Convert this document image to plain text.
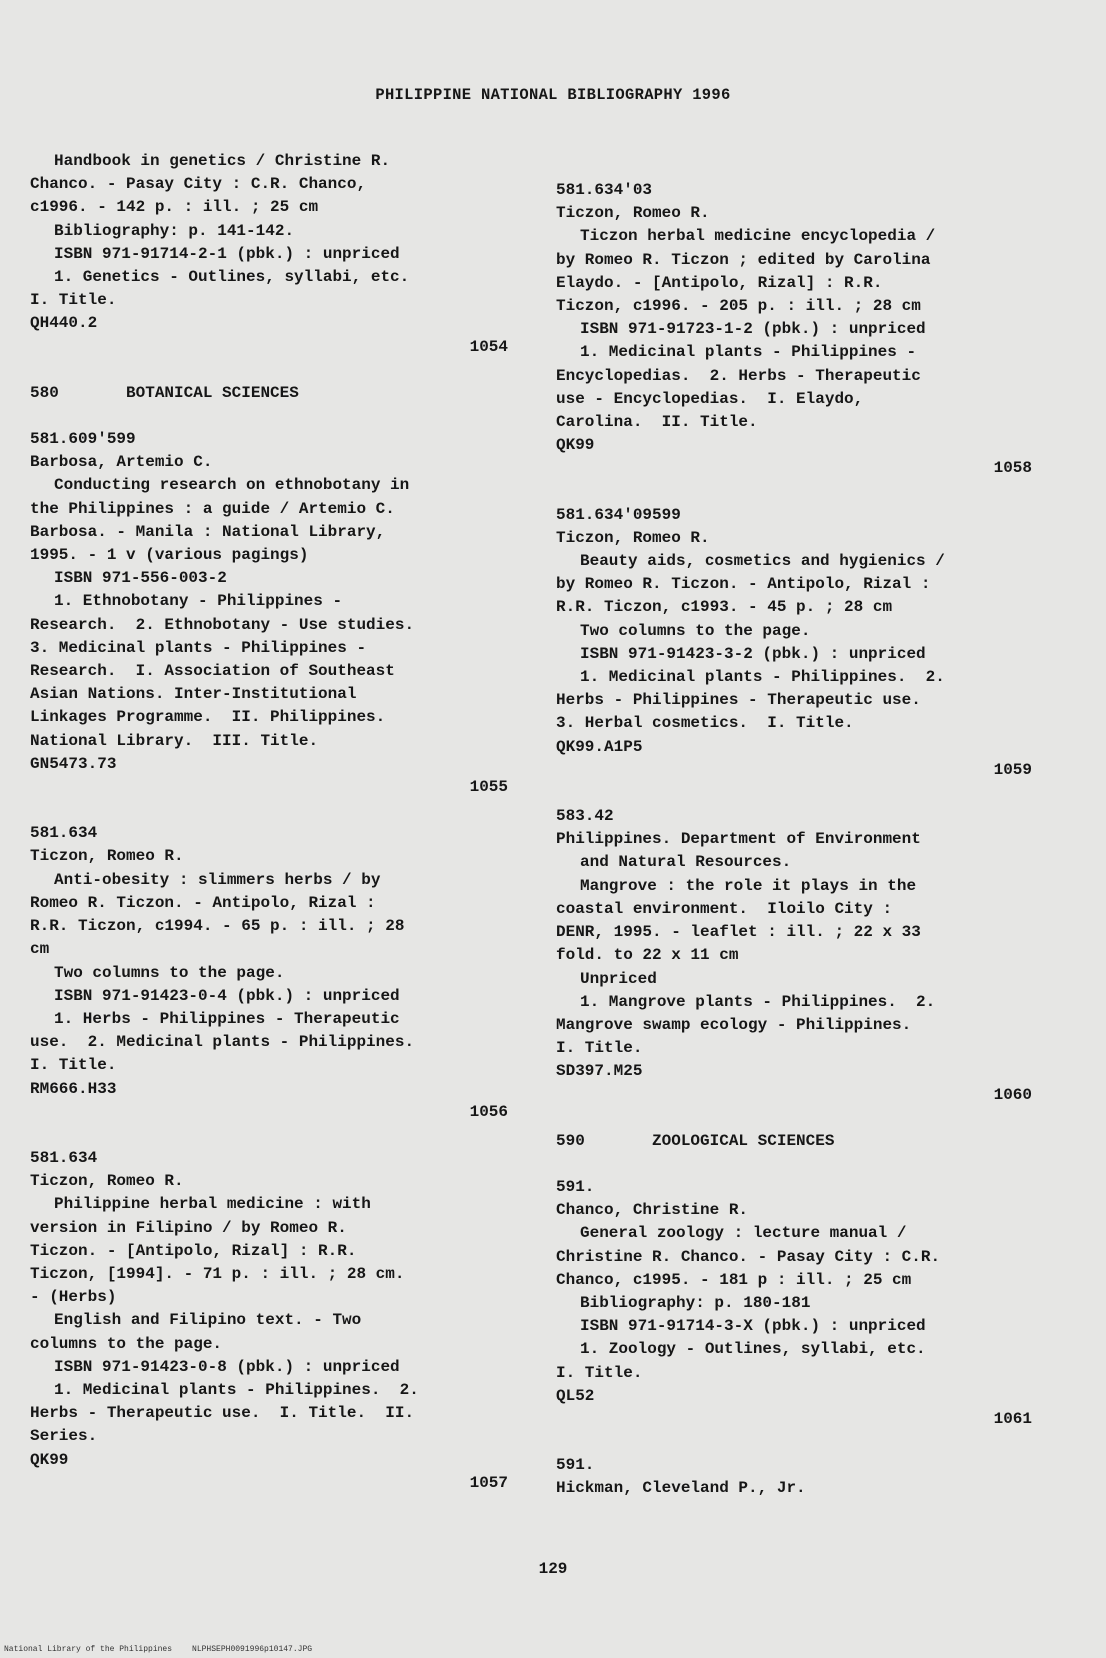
PHILIPPINE NATIONAL BIBLIOGRAPHY 1996
Handbook in genetics / Christine R.
Chanco. - Pasay City : C.R. Chanco,
c1996. - 142 p. : ill. ; 25 cm
Bibliography: p. 141-142.
ISBN 971-91714-2-1 (pbk.) : unpriced
1. Genetics - Outlines, syllabi, etc.
I. Title.
QH440.2
1054
580       BOTANICAL SCIENCES
581.609'599
Barbosa, Artemio C.
Conducting research on ethnobotany in
the Philippines : a guide / Artemio C.
Barbosa. - Manila : National Library,
1995. - 1 v (various pagings)
ISBN 971-556-003-2
1. Ethnobotany - Philippines -
Research.  2. Ethnobotany - Use studies.
3. Medicinal plants - Philippines -
Research.  I. Association of Southeast
Asian Nations. Inter-Institutional
Linkages Programme.  II. Philippines.
National Library.  III. Title.
GN5473.73
1055
581.634
Ticzon, Romeo R.
Anti-obesity : slimmers herbs / by
Romeo R. Ticzon. - Antipolo, Rizal :
R.R. Ticzon, c1994. - 65 p. : ill. ; 28
cm
Two columns to the page.
ISBN 971-91423-0-4 (pbk.) : unpriced
1. Herbs - Philippines - Therapeutic
use.  2. Medicinal plants - Philippines.
I. Title.
RM666.H33
1056
581.634
Ticzon, Romeo R.
Philippine herbal medicine : with
version in Filipino / by Romeo R.
Ticzon. - [Antipolo, Rizal] : R.R.
Ticzon, [1994]. - 71 p. : ill. ; 28 cm.
- (Herbs)
English and Filipino text. - Two
columns to the page.
ISBN 971-91423-0-8 (pbk.) : unpriced
1. Medicinal plants - Philippines.  2.
Herbs - Therapeutic use.  I. Title.  II.
Series.
QK99
1057
581.634'03
Ticzon, Romeo R.
Ticzon herbal medicine encyclopedia /
by Romeo R. Ticzon ; edited by Carolina
Elaydo. - [Antipolo, Rizal] : R.R.
Ticzon, c1996. - 205 p. : ill. ; 28 cm
ISBN 971-91723-1-2 (pbk.) : unpriced
1. Medicinal plants - Philippines -
Encyclopedias.  2. Herbs - Therapeutic
use - Encyclopedias.  I. Elaydo,
Carolina.  II. Title.
QK99
1058
581.634'09599
Ticzon, Romeo R.
Beauty aids, cosmetics and hygienics /
by Romeo R. Ticzon. - Antipolo, Rizal :
R.R. Ticzon, c1993. - 45 p. ; 28 cm
Two columns to the page.
ISBN 971-91423-3-2 (pbk.) : unpriced
1. Medicinal plants - Philippines.  2.
Herbs - Philippines - Therapeutic use.
3. Herbal cosmetics.  I. Title.
QK99.A1P5
1059
583.42
Philippines. Department of Environment
and Natural Resources.
Mangrove : the role it plays in the
coastal environment.  Iloilo City :
DENR, 1995. - leaflet : ill. ; 22 x 33
fold. to 22 x 11 cm
Unpriced
1. Mangrove plants - Philippines.  2.
Mangrove swamp ecology - Philippines.
I. Title.
SD397.M25
1060
590       ZOOLOGICAL SCIENCES
591.
Chanco, Christine R.
General zoology : lecture manual /
Christine R. Chanco. - Pasay City : C.R.
Chanco, c1995. - 181 p : ill. ; 25 cm
Bibliography: p. 180-181
ISBN 971-91714-3-X (pbk.) : unpriced
1. Zoology - Outlines, syllabi, etc.
I. Title.
QL52
1061
591.
Hickman, Cleveland P., Jr.
129
National Library of the Philippines	NLPHSEPH0091996p10147.JPG
